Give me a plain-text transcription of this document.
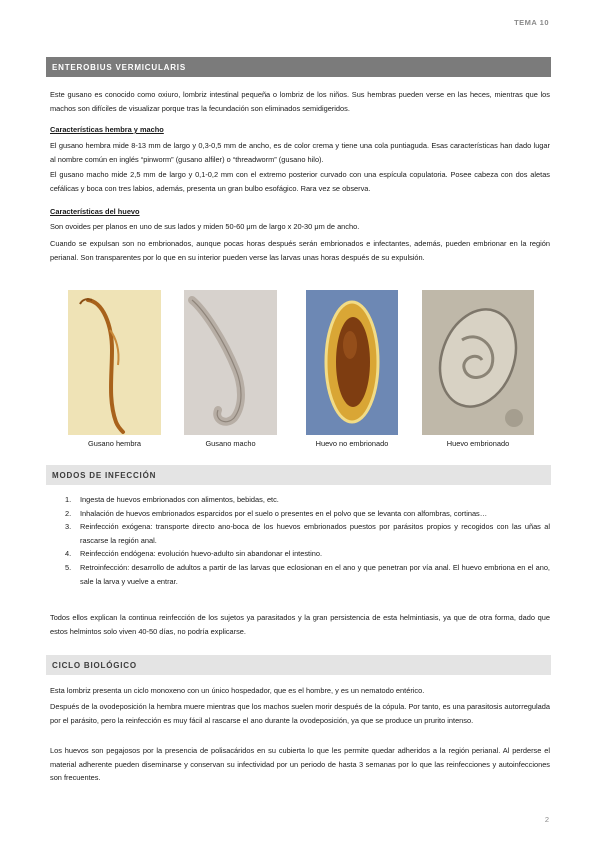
TEMA 10
ENTEROBIUS VERMICULARIS

Este gusano es conocido como oxiuro, lombriz intestinal pequeña o lombriz de los niños. Sus hembras pueden verse en las heces, mientras que los machos son difíciles de visualizar porque tras la fecundación son eliminados semidigeridos.

Características hembra y macho

El gusano hembra mide 8-13 mm de largo y 0,3-0,5 mm de ancho, es de color crema y tiene una cola puntiaguda. Esas características han dado lugar al nombre común en inglés “pinworm” (gusano alfiler) o “threadworm” (gusano hilo).

El gusano macho mide 2,5 mm de largo y 0,1-0,2 mm con el extremo posterior curvado con una espícula copulatoria. Posee cabeza con dos aletas cefálicas y boca con tres labios, además, presenta un gran bulbo esofágico. Rara vez se observa.

Características del huevo

Son ovoides per planos en uno de sus lados y miden 50-60 μm de largo x 20-30 μm de ancho.

Cuando se expulsan son no embrionados, aunque pocas horas después serán embrionados e infectantes, además, pueden embrionar en la región perianal. Son transparentes por lo que en su interior pueden verse las larvas unas horas después de su expulsión.

Gusano hembra	Gusano macho	Huevo no embrionado	Huevo embrionado
MODOS DE INFECCIÓN
1. Ingesta de huevos embrionados con alimentos, bebidas, etc.
2. Inhalación de huevos embrionados esparcidos por el suelo o presentes en el polvo que se levanta con alfombras, cortinas…
3. Reinfección exógena: transporte directo ano-boca de los huevos embrionados puestos por parásitos propios y recogidos con las uñas al rascarse la región anal.
4. Reinfección endógena: evolución huevo-adulto sin abandonar el intestino.
5. Retroinfección: desarrollo de adultos a partir de las larvas que eclosionan en el ano y que penetran por vía anal. El huevo embriona en el ano, sale la larva y vuelve a entrar.

Todos ellos explican la continua reinfección de los sujetos ya parasitados y la gran persistencia de esta helmintiasis, ya que de otra forma, dado que estos helmintos solo viven 40-50 días, no podría explicarse.

CICLO BIOLÓGICO

Esta lombriz presenta un ciclo monoxeno con un único hospedador, que es el hombre, y es un nematodo entérico.

Después de la ovodeposición la hembra muere mientras que los machos suelen morir después de la cópula. Por tanto, es una parasitosis autorregulada por el parásito, pero la reinfección es muy fácil al rascarse el ano durante la ovodeposición, ya que se produce un prurito intenso.

Los huevos son pegajosos por la presencia de polisacáridos en su cubierta lo que les permite quedar adheridos a la región perianal. Al perderse el material adherente pueden diseminarse y conservan su infectividad por un periodo de hasta 3 semanas por lo que las reinfecciones y autoinfecciones son frecuentes.

2
